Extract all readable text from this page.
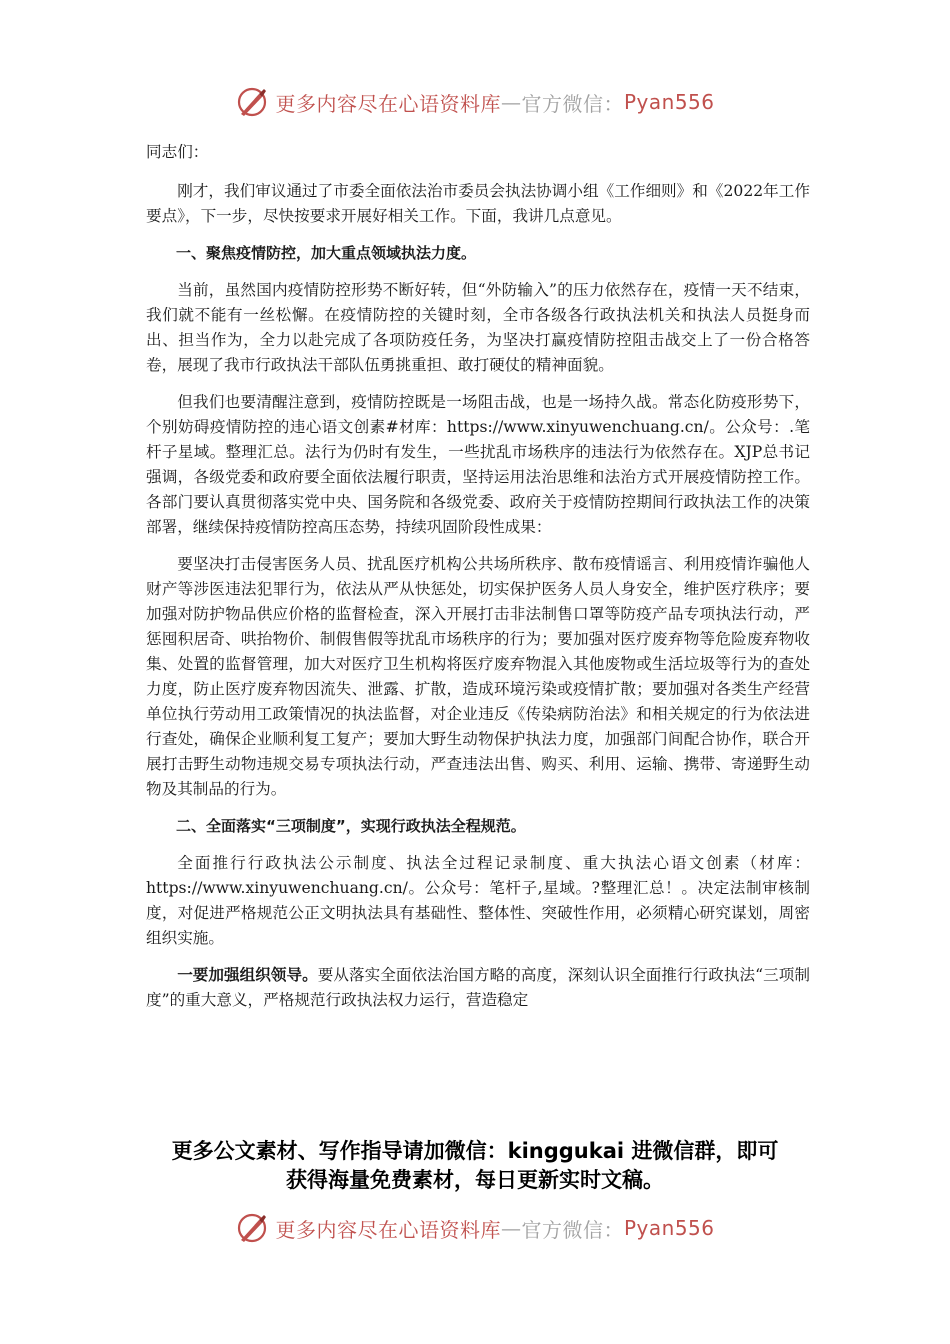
更多内容尽在心语资料库 — 官方微信： Pyan556

同志们：

刚才，我们审议通过了市委全面依法治市委员会执法协调小组《工作细则》和《2022年工作要点》，下一步，尽快按要求开展好相关工作。下面，我讲几点意见。

一、聚焦疫情防控，加大重点领域执法力度。

当前，虽然国内疫情防控形势不断好转，但“外防输入”的压力依然存在，疫情一天不结束，我们就不能有一丝松懈。在疫情防控的关键时刻，全市各级各行政执法机关和执法人员挺身而出、担当作为，全力以赴完成了各项防疫任务，为坚决打赢疫情防控阻击战交上了一份合格答卷，展现了我市行政执法干部队伍勇挑重担、敢打硬仗的精神面貌。

但我们也要清醒注意到，疫情防控既是一场阻击战，也是一场持久战。常态化防疫形势下，个别妨碍疫情防控的违心语文创素#材库：https://www.xinyuwenchuang.cn/。公众号：.笔杆子星域。整理汇总。法行为仍时有发生，一些扰乱市场秩序的违法行为依然存在。XJP总书记强调，各级党委和政府要全面依法履行职责，坚持运用法治思维和法治方式开展疫情防控工作。各部门要认真贯彻落实党中央、国务院和各级党委、政府关于疫情防控期间行政执法工作的决策部署，继续保持疫情防控高压态势，持续巩固阶段性成果：

要坚决打击侵害医务人员、扰乱医疗机构公共场所秩序、散布疫情谣言、利用疫情诈骗他人财产等涉医违法犯罪行为，依法从严从快惩处，切实保护医务人员人身安全，维护医疗秩序；要加强对防护物品供应价格的监督检查，深入开展打击非法制售口罩等防疫产品专项执法行动，严惩囤积居奇、哄抬物价、制假售假等扰乱市场秩序的行为；要加强对医疗废弃物等危险废弃物收集、处置的监督管理，加大对医疗卫生机构将医疗废弃物混入其他废物或生活垃圾等行为的查处力度，防止医疗废弃物因流失、泄露、扩散，造成环境污染或疫情扩散；要加强对各类生产经营单位执行劳动用工政策情况的执法监督，对企业违反《传染病防治法》和相关规定的行为依法进行查处，确保企业顺利复工复产；要加大野生动物保护执法力度，加强部门间配合协作，联合开展打击野生动物违规交易专项执法行动，严查违法出售、购买、利用、运输、携带、寄递野生动物及其制品的行为。

二、全面落实“三项制度”，实现行政执法全程规范。

全面推行行政执法公示制度、执法全过程记录制度、重大执法心语文创素（材库：https://www.xinyuwenchuang.cn/。公众号：笔杆子,星域。?整理汇总！。决定法制审核制度，对促进严格规范公正文明执法具有基础性、整体性、突破性作用，必须精心研究谋划，周密组织实施。

一要加强组织领导。要从落实全面依法治国方略的高度，深刻认识全面推行行政执法“三项制度”的重大意义，严格规范行政执法权力运行，营造稳定

更多公文素材、写作指导请加微信：kinggukai 进微信群，即可
获得海量免费素材，每日更新实时文稿。
更多内容尽在心语资料库 — 官方微信： Pyan556
